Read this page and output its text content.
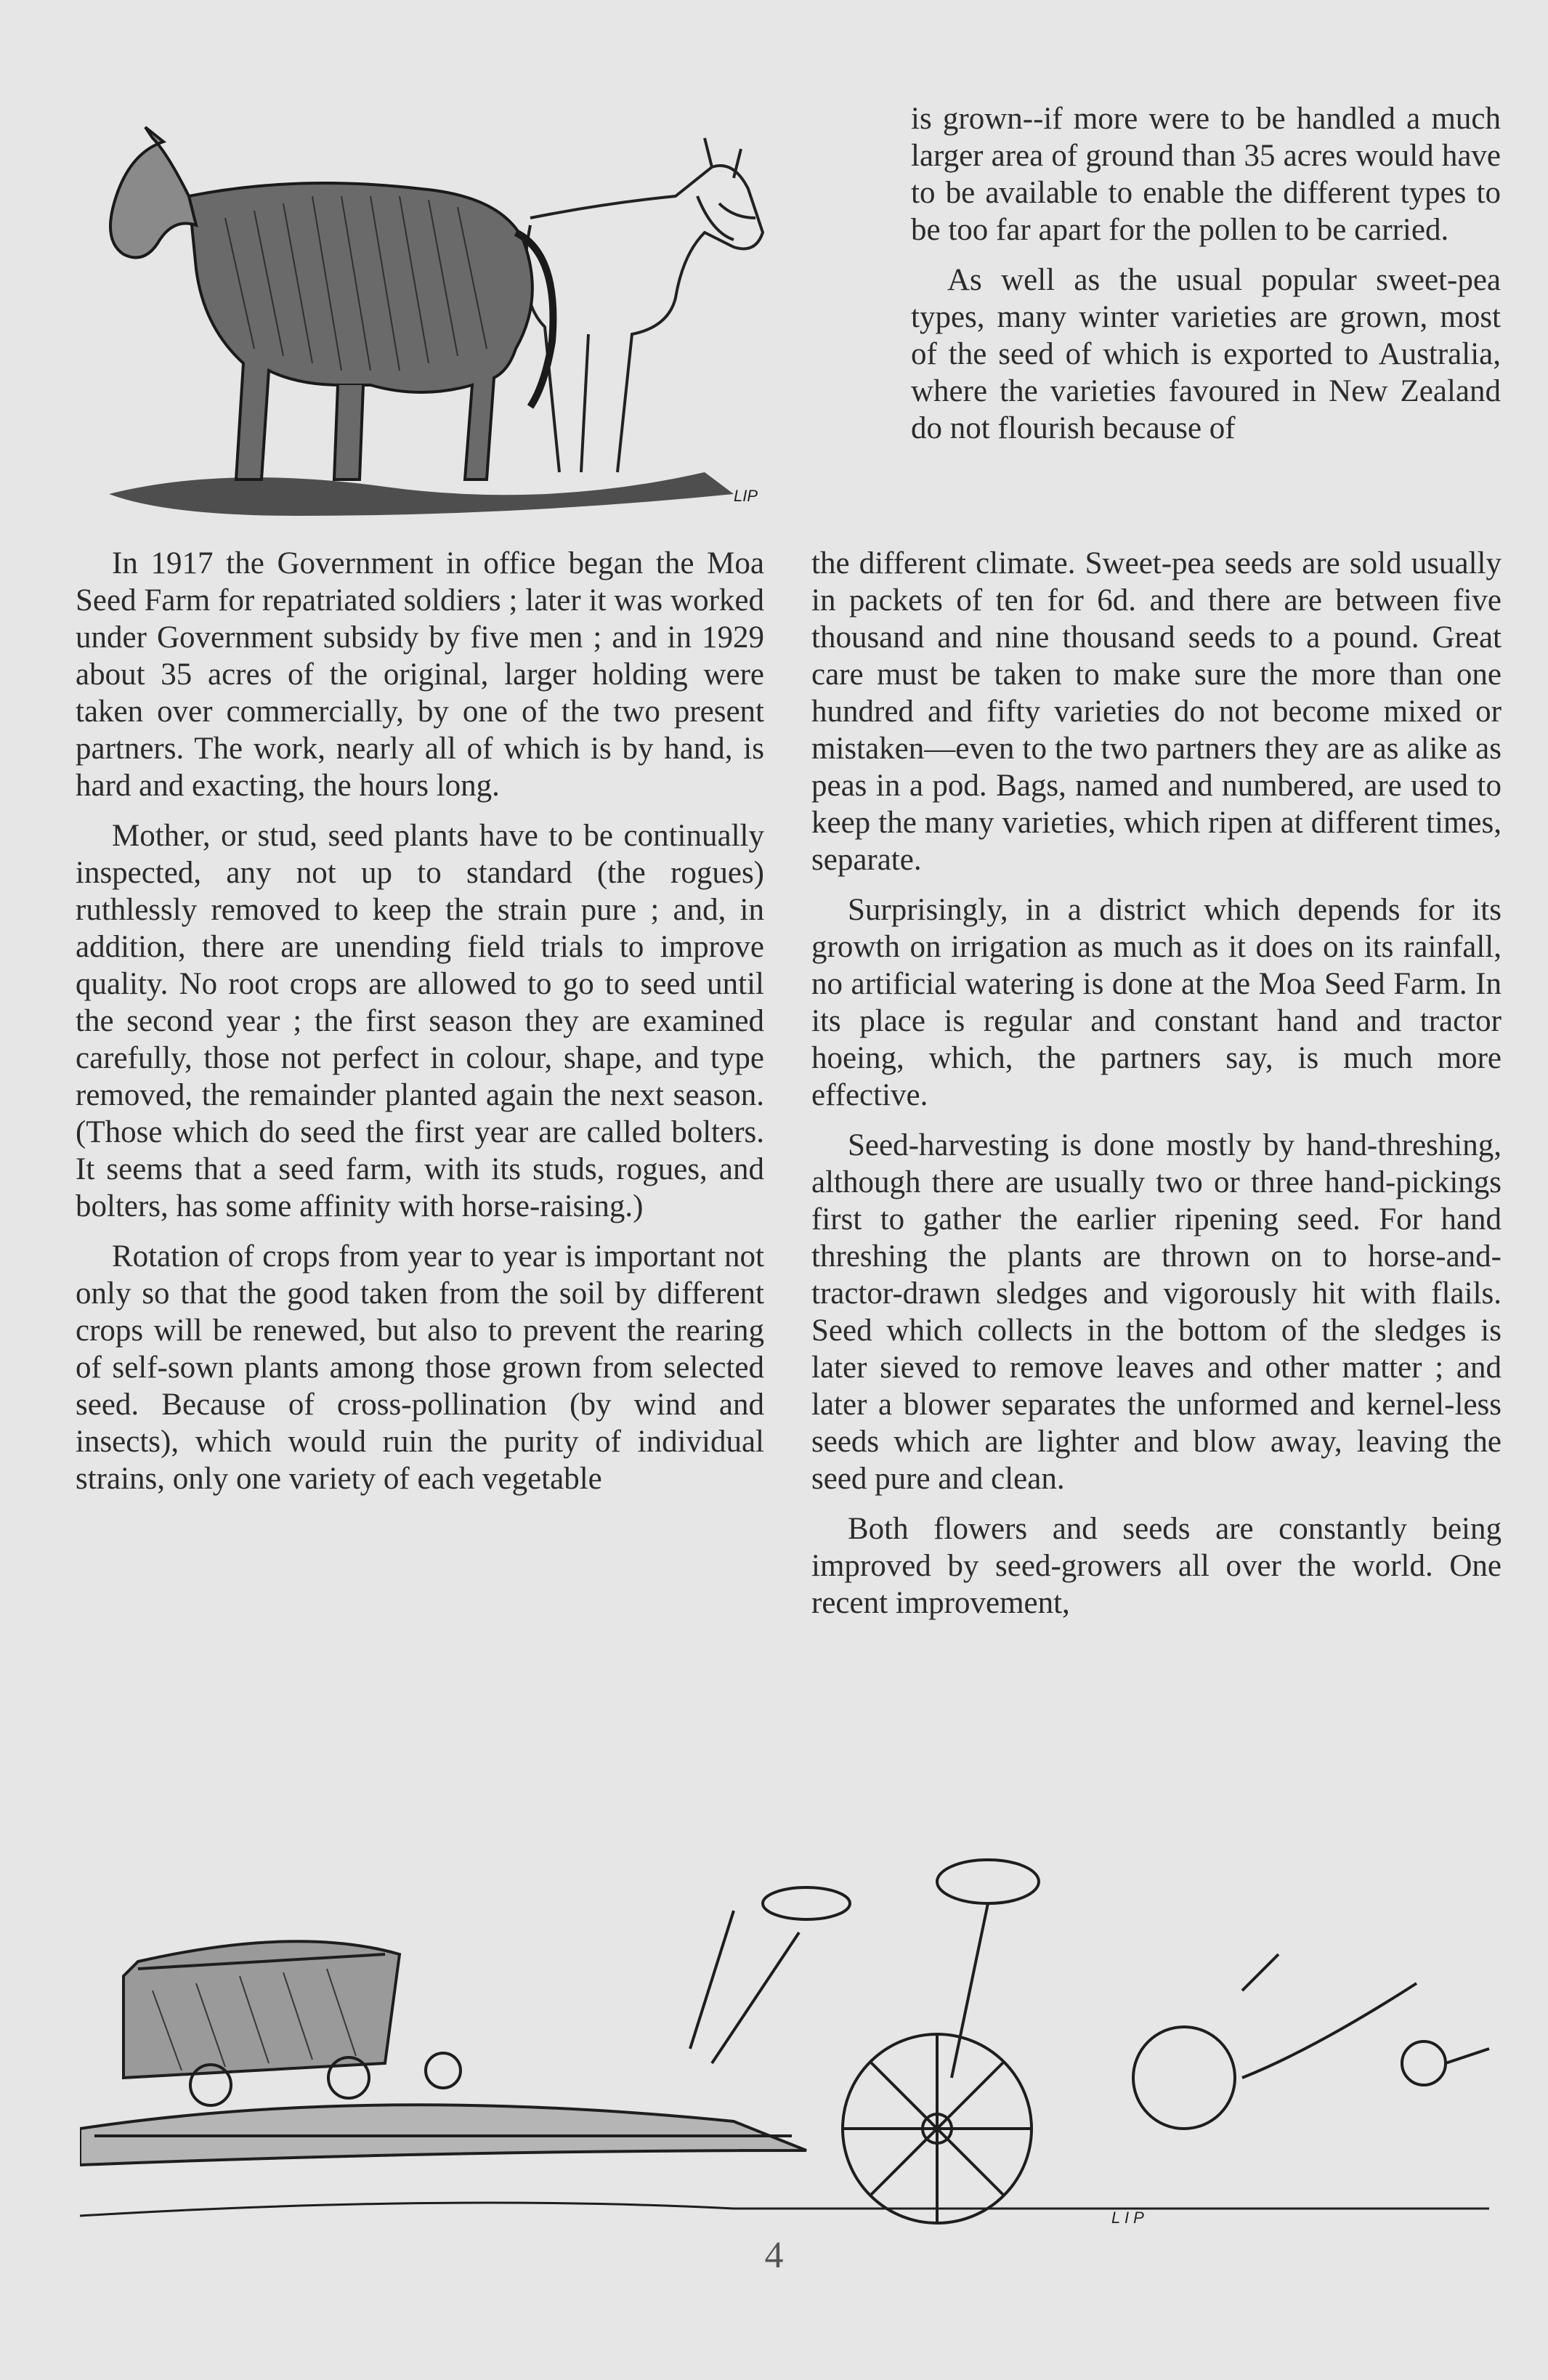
LIP

is grown--if more were to be handled a much larger area of ground than 35 acres would have to be available to enable the different types to be too far apart for the pollen to be carried.

As well as the usual popular sweet-pea types, many winter varieties are grown, most of the seed of which is exported to Australia, where the varieties favoured in New Zealand do not flourish because of

In 1917 the Government in office began the Moa Seed Farm for repatriated soldiers ; later it was worked under Government subsidy by five men ; and in 1929 about 35 acres of the original, larger holding were taken over commercially, by one of the two present partners. The work, nearly all of which is by hand, is hard and exacting, the hours long.

Mother, or stud, seed plants have to be continually inspected, any not up to standard (the rogues) ruthlessly removed to keep the strain pure ; and, in addition, there are unending field trials to improve quality. No root crops are allowed to go to seed until the second year ; the first season they are examined carefully, those not perfect in colour, shape, and type removed, the remainder planted again the next season. (Those which do seed the first year are called bolters. It seems that a seed farm, with its studs, rogues, and bolters, has some affinity with horse-raising.)

Rotation of crops from year to year is important not only so that the good taken from the soil by different crops will be renewed, but also to prevent the rearing of self-sown plants among those grown from selected seed. Because of cross-pollination (by wind and insects), which would ruin the purity of individual strains, only one variety of each vegetable

the different climate. Sweet-pea seeds are sold usually in packets of ten for 6d. and there are between five thousand and nine thousand seeds to a pound. Great care must be taken to make sure the more than one hundred and fifty varieties do not become mixed or mistaken—even to the two partners they are as alike as peas in a pod. Bags, named and numbered, are used to keep the many varieties, which ripen at different times, separate.

Surprisingly, in a district which depends for its growth on irrigation as much as it does on its rainfall, no artificial watering is done at the Moa Seed Farm. In its place is regular and constant hand and tractor hoeing, which, the partners say, is much more effective.

Seed-harvesting is done mostly by hand-threshing, although there are usually two or three hand-pickings first to gather the earlier ripening seed. For hand threshing the plants are thrown on to horse-and-tractor-drawn sledges and vigorously hit with flails. Seed which collects in the bottom of the sledges is later sieved to remove leaves and other matter ; and later a blower separates the unformed and kernel-less seeds which are lighter and blow away, leaving the seed pure and clean.

Both flowers and seeds are constantly being improved by seed-growers all over the world. One recent improvement,

L I P
4
